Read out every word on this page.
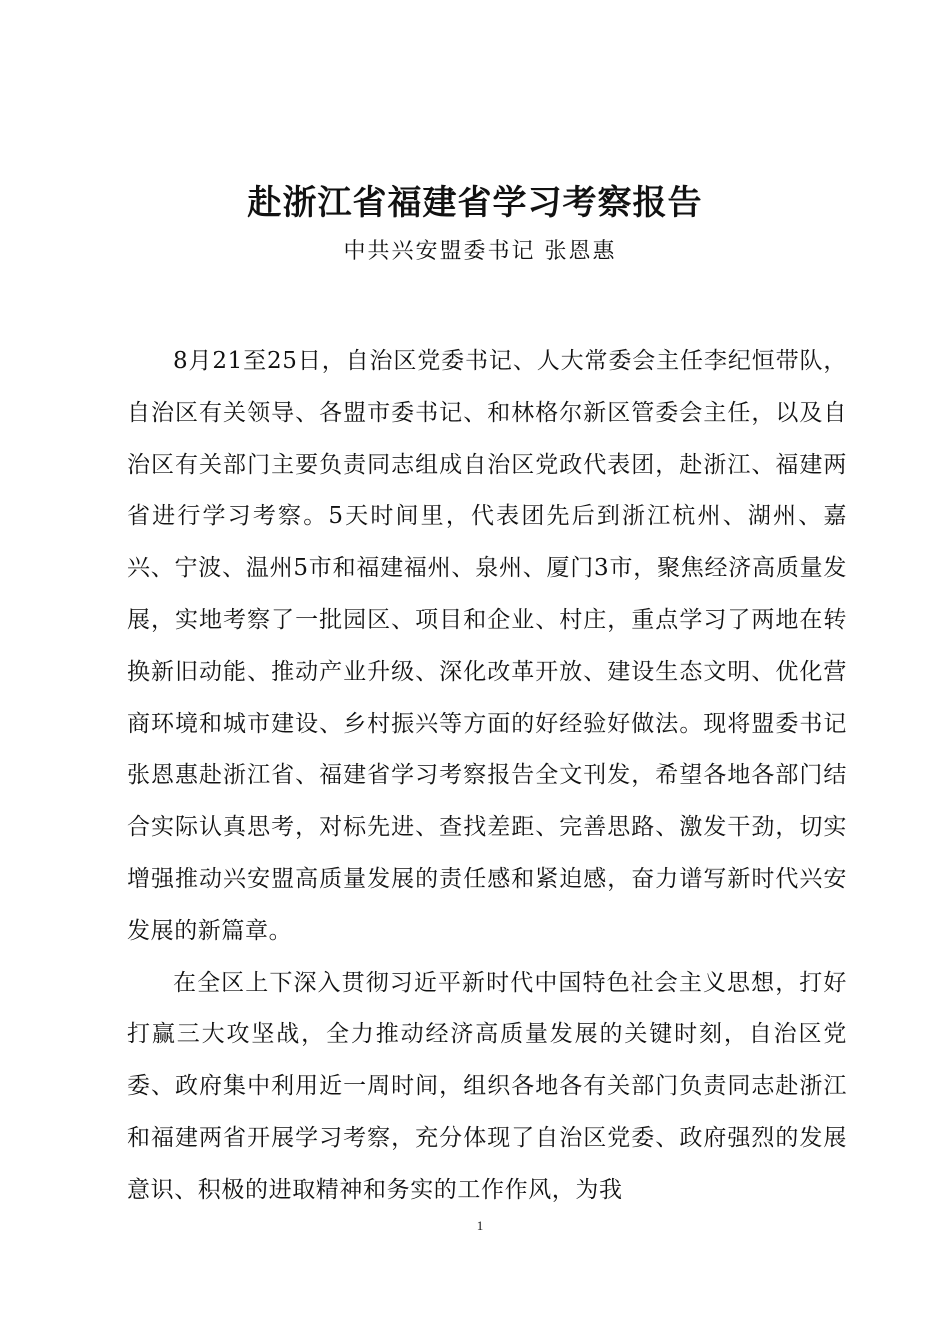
赴浙江省福建省学习考察报告
中共兴安盟委书记 张恩惠

8月21至25日，自治区党委书记、人大常委会主任李纪恒带队，自治区有关领导、各盟市委书记、和林格尔新区管委会主任，以及自治区有关部门主要负责同志组成自治区党政代表团，赴浙江、福建两省进行学习考察。5天时间里，代表团先后到浙江杭州、湖州、嘉兴、宁波、温州5市和福建福州、泉州、厦门3市，聚焦经济高质量发展，实地考察了一批园区、项目和企业、村庄，重点学习了两地在转换新旧动能、推动产业升级、深化改革开放、建设生态文明、优化营商环境和城市建设、乡村振兴等方面的好经验好做法。现将盟委书记张恩惠赴浙江省、福建省学习考察报告全文刊发，希望各地各部门结合实际认真思考，对标先进、查找差距、完善思路、激发干劲，切实增强推动兴安盟高质量发展的责任感和紧迫感，奋力谱写新时代兴安发展的新篇章。

在全区上下深入贯彻习近平新时代中国特色社会主义思想，打好打赢三大攻坚战，全力推动经济高质量发展的关键时刻，自治区党委、政府集中利用近一周时间，组织各地各有关部门负责同志赴浙江和福建两省开展学习考察，充分体现了自治区党委、政府强烈的发展意识、积极的进取精神和务实的工作作风，为我

1
